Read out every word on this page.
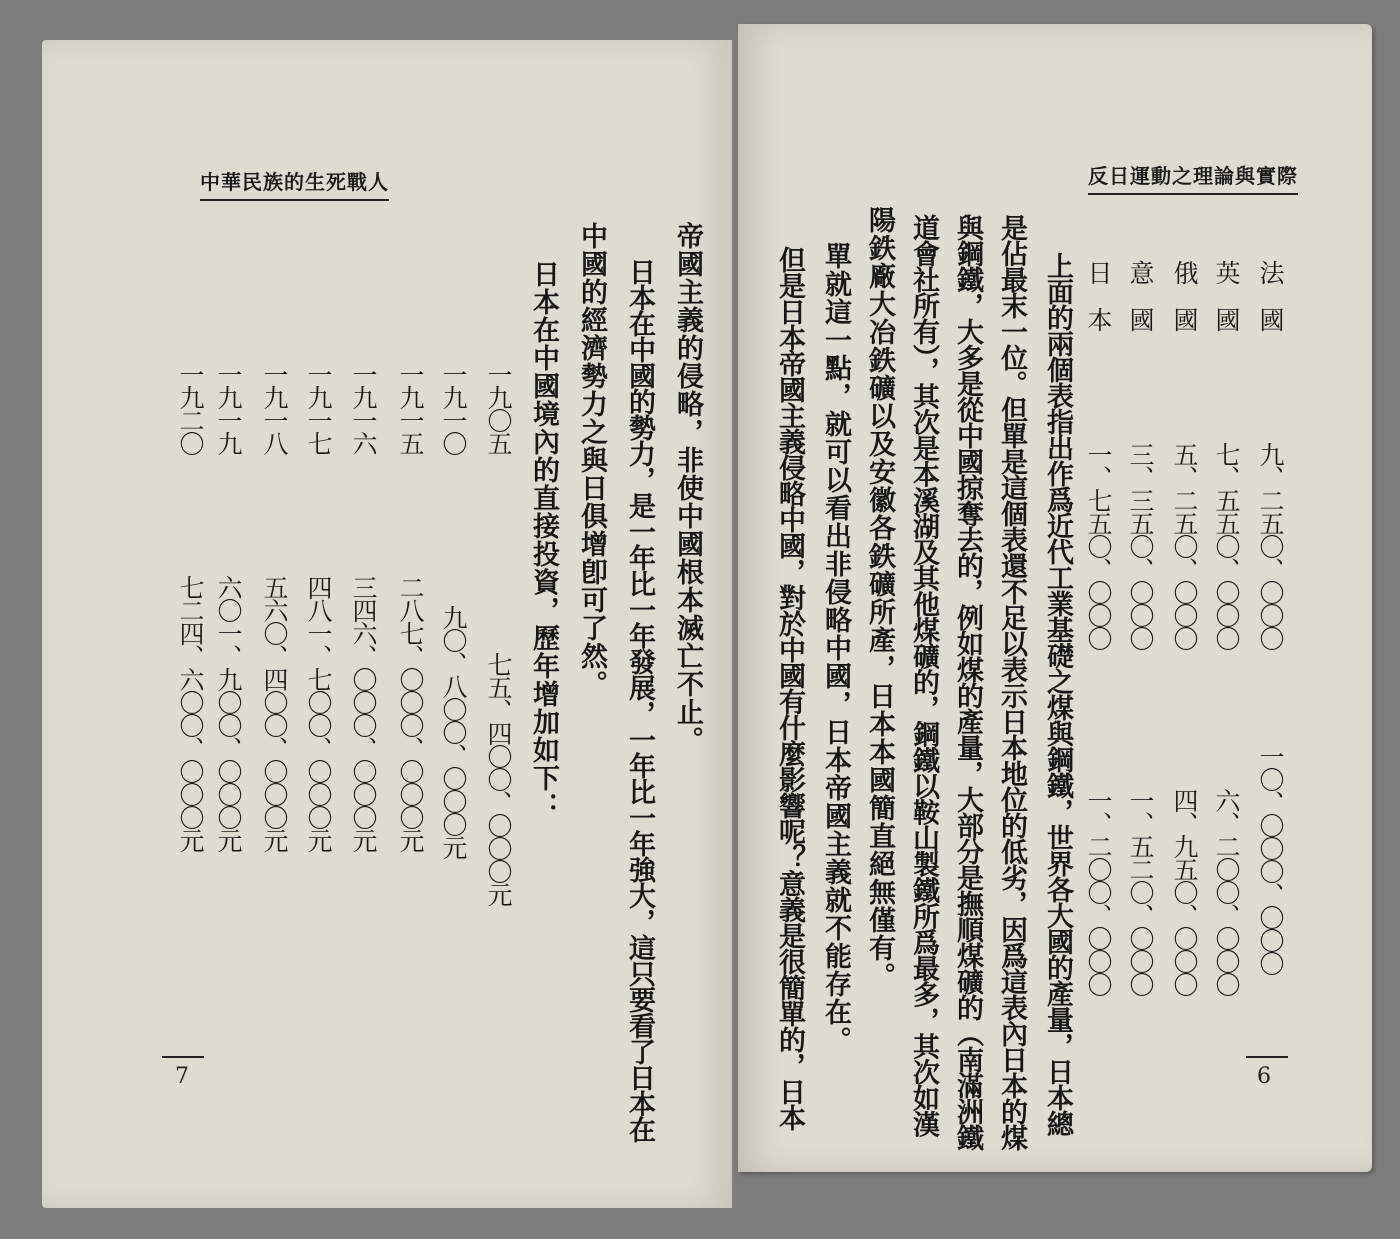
中華民族的生死戰人
帝國主義的侵略，非使中國根本滅亡不止。
日本在中國的勢力，是一年比一年發展，一年比一年強大，這只要看了日本在
中國的經濟勢力之與日俱增卽可了然。
日本在中國境內的直接投資，歷年增加如下：
一九〇五
七五、四〇〇、〇〇〇元
一九一〇
九〇、八〇〇、〇〇〇元
一九一五
二八七、〇〇〇、〇〇〇元
一九一六
三四六、〇〇〇、〇〇〇元
一九一七
四八一、七〇〇、〇〇〇元
一九一八
五六〇、四〇〇、〇〇〇元
一九一九
六〇一、九〇〇、〇〇〇元
一九二〇
七二四、六〇〇、〇〇〇元
7
反日運動之理論與實際
法國
九、二五〇、〇〇〇
一〇、〇〇〇、〇〇〇
英國
七、五五〇、〇〇〇
六、二〇〇、〇〇〇
俄國
五、二五〇、〇〇〇
四、九五〇、〇〇〇
意國
三、三五〇、〇〇〇
一、五二〇、〇〇〇
日本
一、七五〇、〇〇〇
一、二〇〇、〇〇〇
上面的兩個表指出作爲近代工業基礎之煤與鋼鐵，世界各大國的產量，日本總
是佔最末一位。但單是這個表還不足以表示日本地位的低劣，因爲這表內日本的煤
與鋼鐵，大多是從中國掠奪去的，例如煤的產量，大部分是撫順煤礦的（南滿洲鐵
道會社所有），其次是本溪湖及其他煤礦的，鋼鐵以鞍山製鐵所爲最多，其次如漢
陽鉄廠大冶鉄礦以及安徽各鉄礦所產，日本本國簡直絕無僅有。
單就這一點，就可以看出非侵略中國，日本帝國主義就不能存在。
但是日本帝國主義侵略中國，對於中國有什麼影響呢？意義是很簡單的，日本	6
